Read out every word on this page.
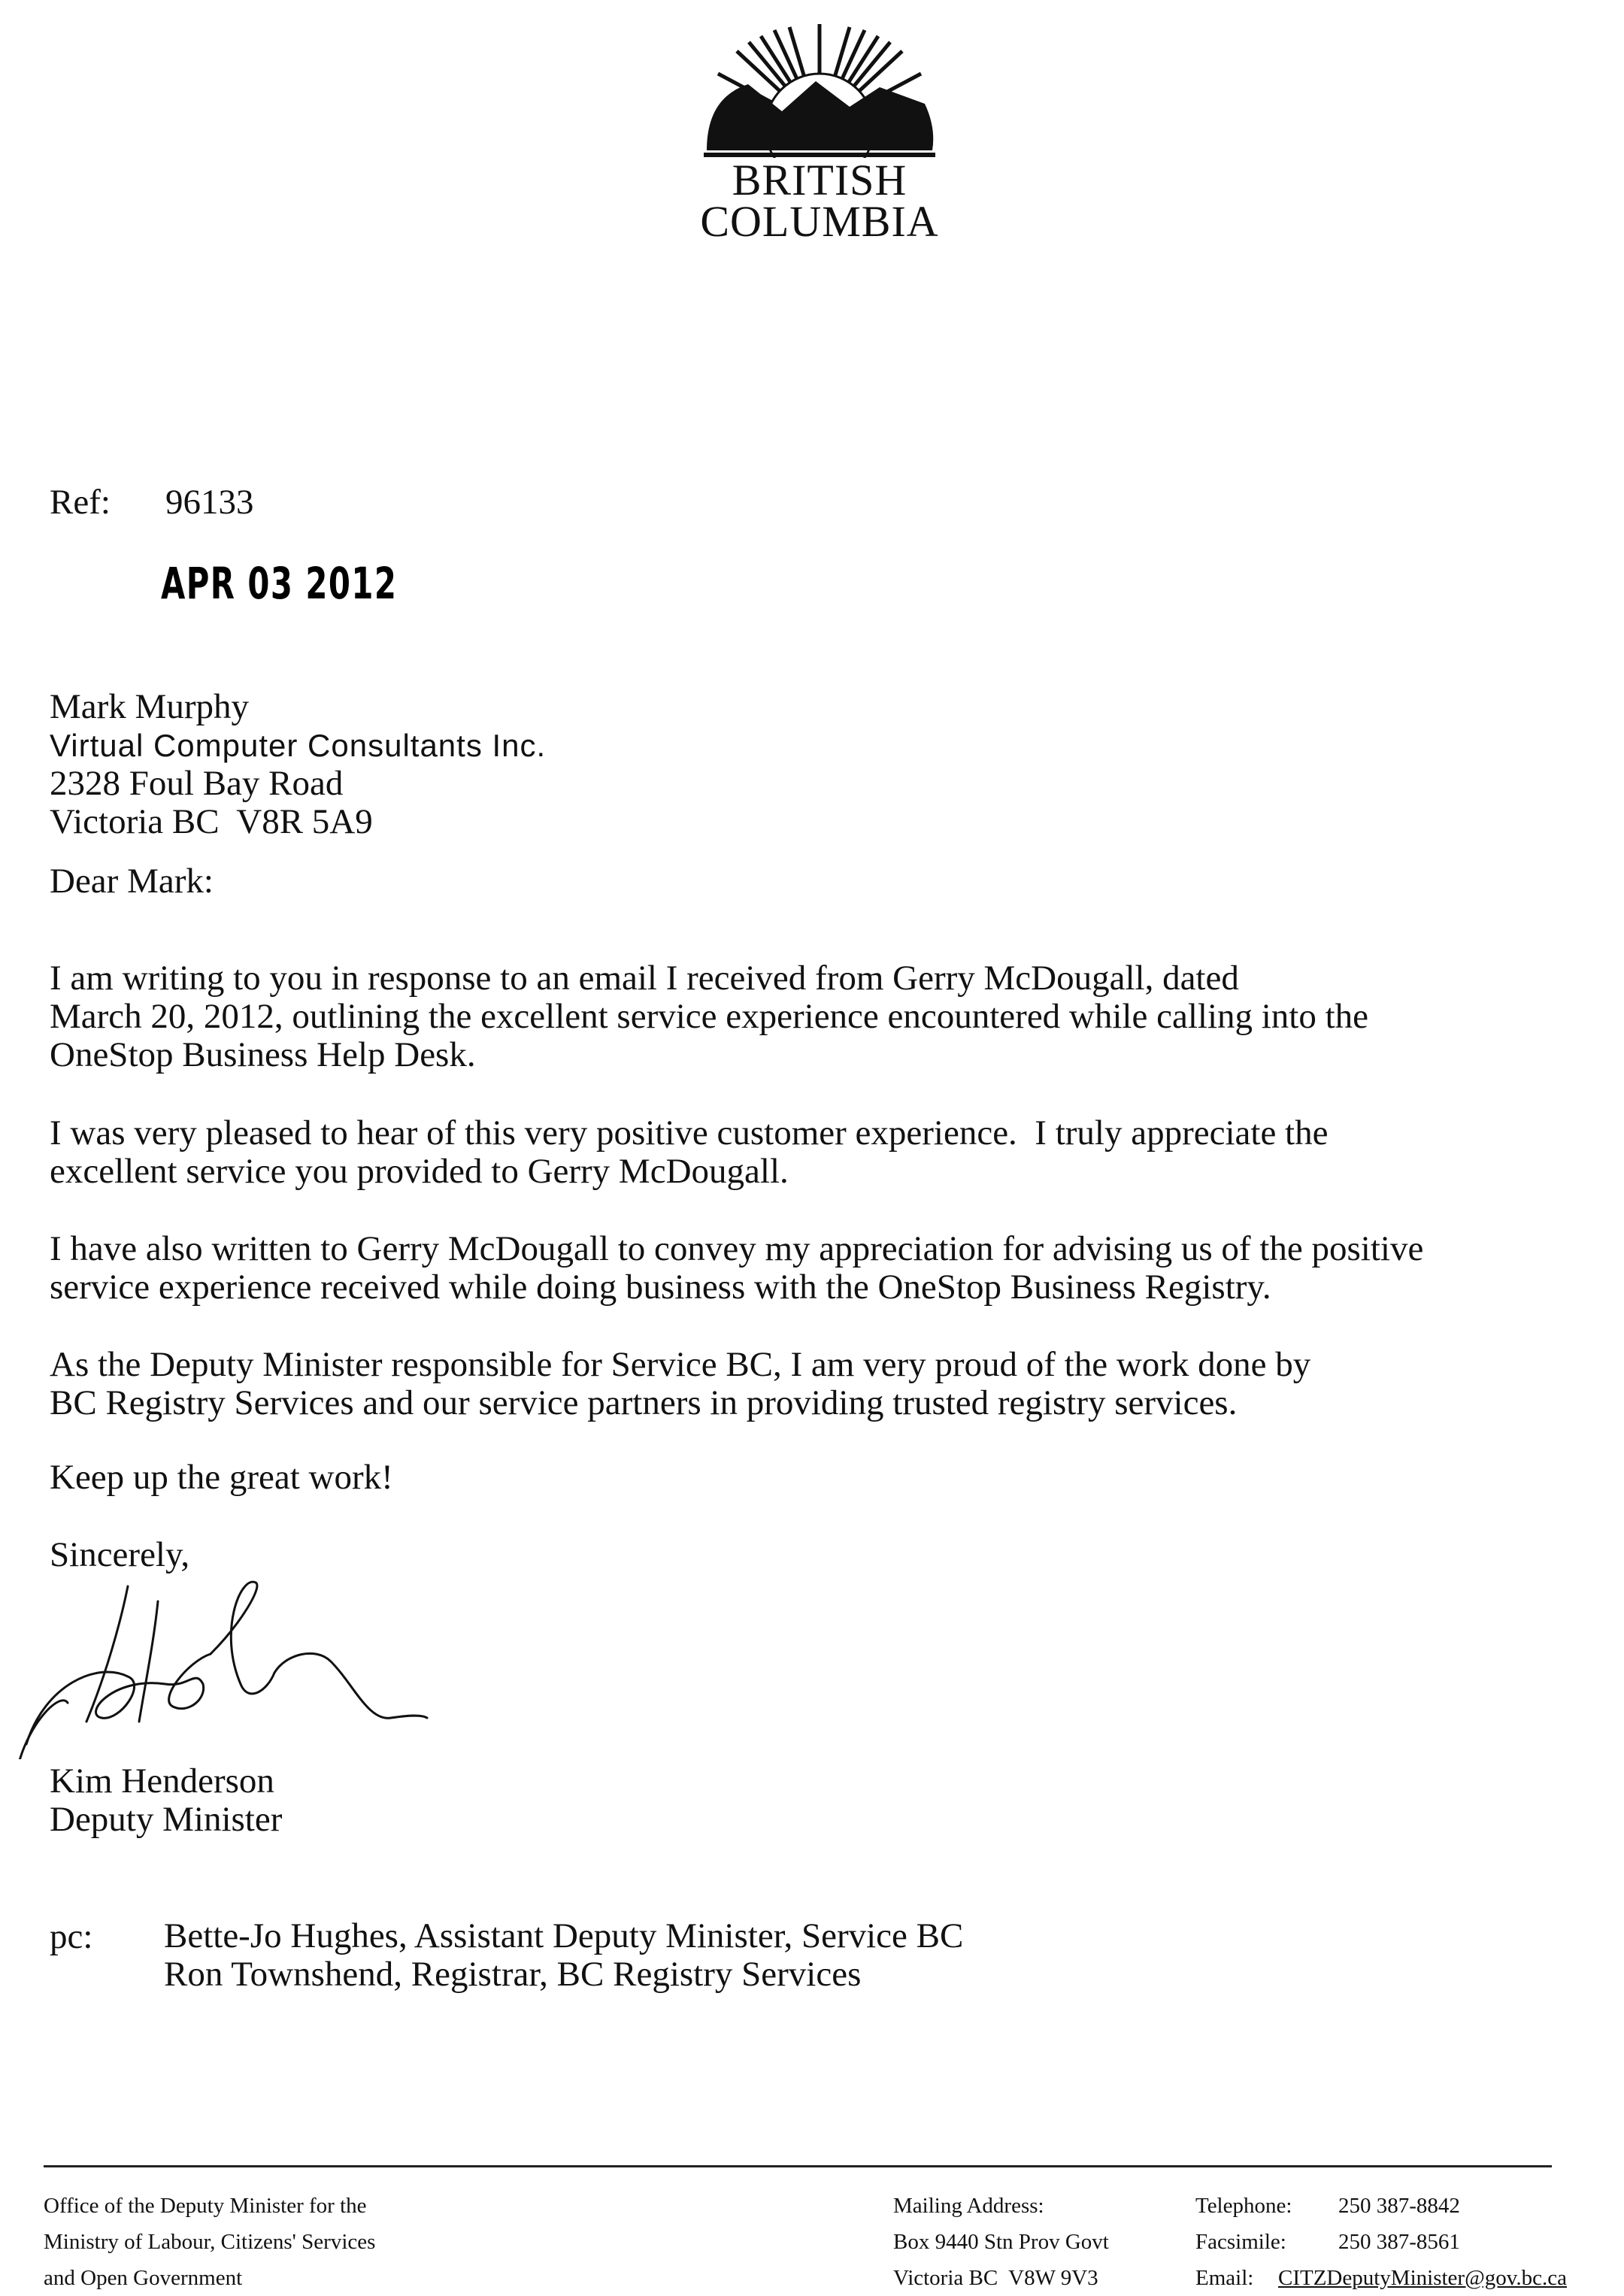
BRITISH
COLUMBIA
Ref: 96133
APR 03 2012
Mark Murphy
Virtual Computer Consultants Inc.
2328 Foul Bay Road
Victoria BC  V8R 5A9
Dear Mark:
I am writing to you in response to an email I received from Gerry McDougall, dated
March 20, 2012, outlining the excellent service experience encountered while calling into the
OneStop Business Help Desk.
I was very pleased to hear of this very positive customer experience.  I truly appreciate the
excellent service you provided to Gerry McDougall.
I have also written to Gerry McDougall to convey my appreciation for advising us of the positive
service experience received while doing business with the OneStop Business Registry.
As the Deputy Minister responsible for Service BC, I am very proud of the work done by
BC Registry Services and our service partners in providing trusted registry services.
Keep up the great work!
Sincerely,
Kim Henderson
Deputy Minister
pc: Bette-Jo Hughes, Assistant Deputy Minister, Service BC
Ron Townshend, Registrar, BC Registry Services
Office of the Deputy Minister for the
Ministry of Labour, Citizens' Services
and Open Government
Mailing Address:
Box 9440 Stn Prov Govt
Victoria BC  V8W 9V3
Telephone:	250 387-8842
Facsimile:	250 387-8561
Email:	CITZDeputyMinister@gov.bc.ca
